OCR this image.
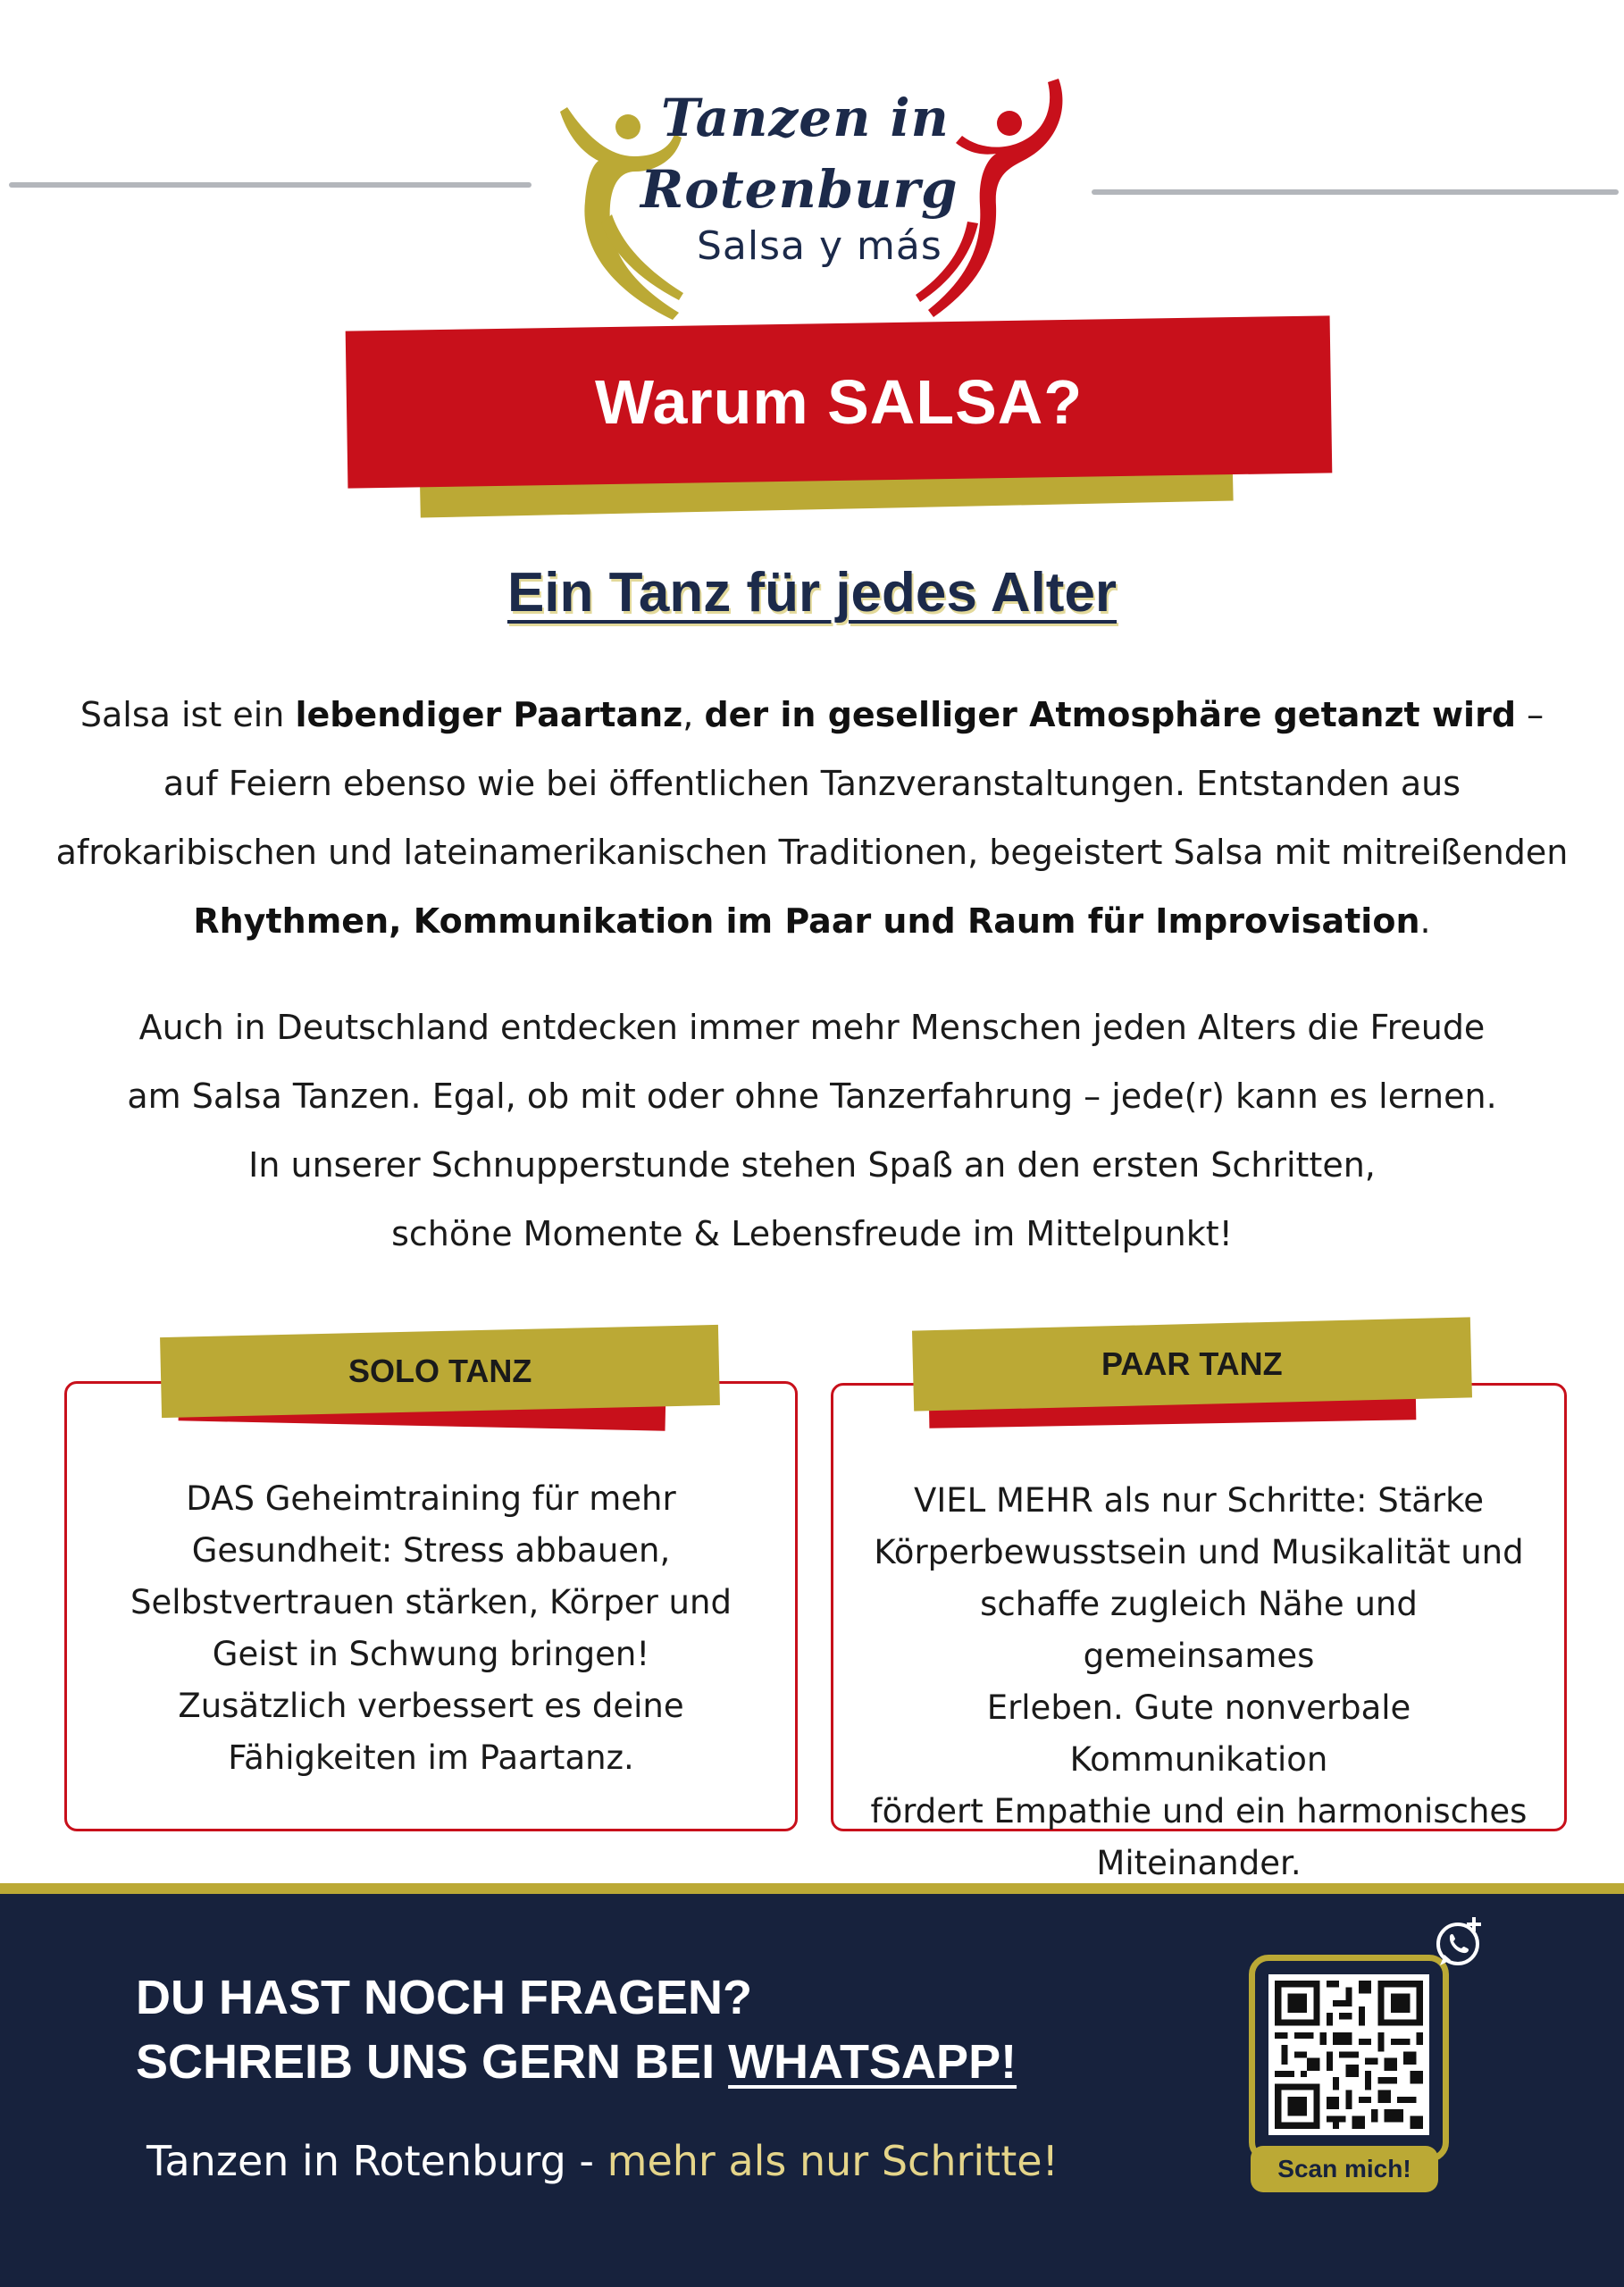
Tanzen in
Rotenburg
Salsa y más
Warum SALSA?
Ein Tanz für jedes Alter
Salsa ist ein lebendiger Paartanz, der in geselliger Atmosphäre getanzt wird – auf Feiern ebenso wie bei öffentlichen Tanzveranstaltungen. Entstanden aus afrokaribischen und lateinamerikanischen Traditionen, begeistert Salsa mit mitreißenden Rhythmen, Kommunikation im Paar und Raum für Improvisation.
Auch in Deutschland entdecken immer mehr Menschen jeden Alters die Freude
am Salsa Tanzen. Egal, ob mit oder ohne Tanzerfahrung – jede(r) kann es lernen.
In unserer Schnupperstunde stehen Spaß an den ersten Schritten,
schöne Momente & Lebensfreude im Mittelpunkt!
DAS Geheimtraining für mehr
Gesundheit: Stress abbauen,
Selbstvertrauen stärken, Körper und
Geist in Schwung bringen!
Zusätzlich verbessert es deine
Fähigkeiten im Paartanz.
SOLO TANZ
VIEL MEHR als nur Schritte: Stärke
Körperbewusstsein und Musikalität und
schaffe zugleich Nähe und gemeinsames
Erleben. Gute nonverbale Kommunikation
fördert Empathie und ein harmonisches
Miteinander.
PAAR TANZ
DU HAST NOCH FRAGEN?
SCHREIB UNS GERN BEI WHATSAPP!
Tanzen in Rotenburg - mehr als nur Schritte!	Scan mich!
